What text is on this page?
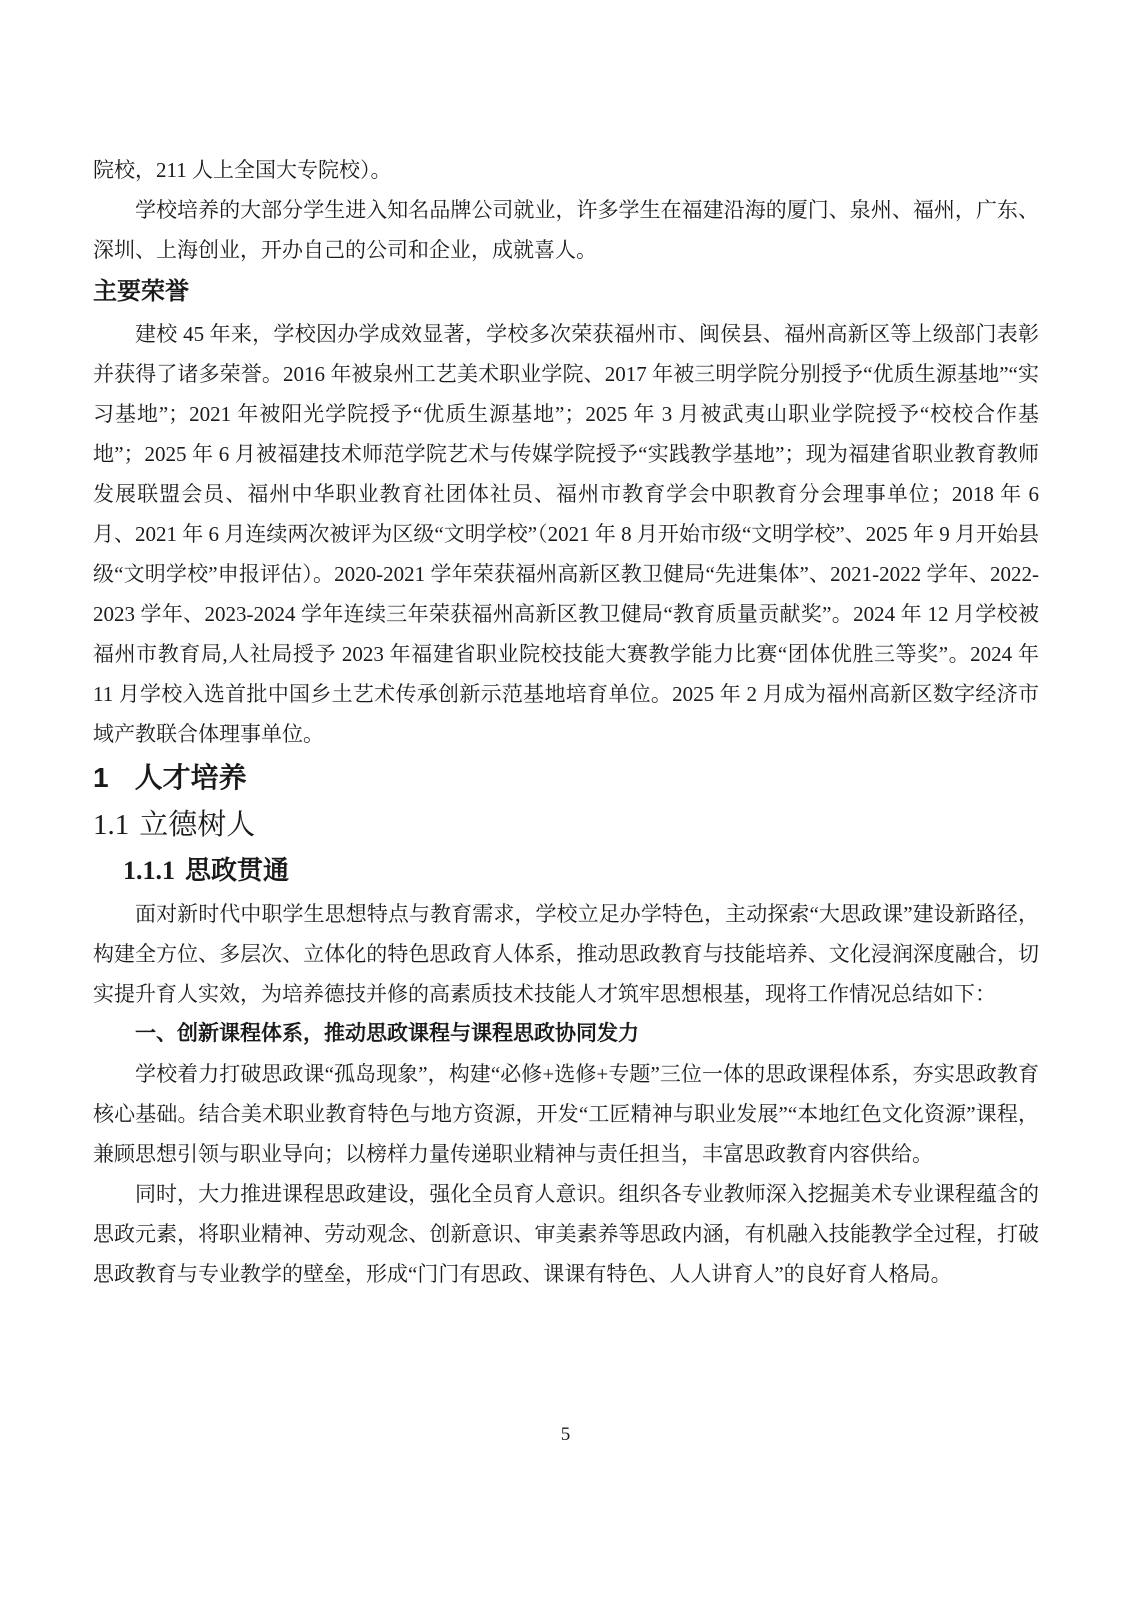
院校，211 人上全国大专院校）。

学校培养的大部分学生进入知名品牌公司就业，许多学生在福建沿海的厦门、泉州、福州，广东、深圳、上海创业，开办自己的公司和企业，成就喜人。

主要荣誉

建校 45 年来，学校因办学成效显著，学校多次荣获福州市、闽侯县、福州高新区等上级部门表彰并获得了诸多荣誉。2016 年被泉州工艺美术职业学院、2017 年被三明学院分别授予“优质生源基地”“实习基地”；2021 年被阳光学院授予“优质生源基地”；2025 年 3 月被武夷山职业学院授予“校校合作基地”；2025 年 6 月被福建技术师范学院艺术与传媒学院授予“实践教学基地”；现为福建省职业教育教师发展联盟会员、福州中华职业教育社团体社员、福州市教育学会中职教育分会理事单位；2018 年 6 月、2021 年 6 月连续两次被评为区级“文明学校”（2021 年 8 月开始市级“文明学校”、2025 年 9 月开始县级“文明学校”申报评估）。2020-2021 学年荣获福州高新区教卫健局“先进集体”、2021-2022 学年、2022-2023 学年、2023-2024 学年连续三年荣获福州高新区教卫健局“教育质量贡献奖”。2024 年 12 月学校被福州市教育局,人社局授予 2023 年福建省职业院校技能大赛教学能力比赛“团体优胜三等奖”。2024 年 11 月学校入选首批中国乡土艺术传承创新示范基地培育单位。2025 年 2 月成为福州高新区数字经济市域产教联合体理事单位。

1 人才培养
1.1 立德树人
1.1.1 思政贯通

面对新时代中职学生思想特点与教育需求，学校立足办学特色，主动探索“大思政课”建设新路径，构建全方位、多层次、立体化的特色思政育人体系，推动思政教育与技能培养、文化浸润深度融合，切实提升育人实效，为培养德技并修的高素质技术技能人才筑牢思想根基，现将工作情况总结如下：

一、创新课程体系，推动思政课程与课程思政协同发力

学校着力打破思政课“孤岛现象”，构建“必修+选修+专题”三位一体的思政课程体系，夯实思政教育核心基础。结合美术职业教育特色与地方资源，开发“工匠精神与职业发展”“本地红色文化资源”课程，兼顾思想引领与职业导向；以榜样力量传递职业精神与责任担当，丰富思政教育内容供给。

同时，大力推进课程思政建设，强化全员育人意识。组织各专业教师深入挖掘美术专业课程蕴含的思政元素，将职业精神、劳动观念、创新意识、审美素养等思政内涵，有机融入技能教学全过程，打破思政教育与专业教学的壁垒，形成“门门有思政、课课有特色、人人讲育人”的良好育人格局。

5
